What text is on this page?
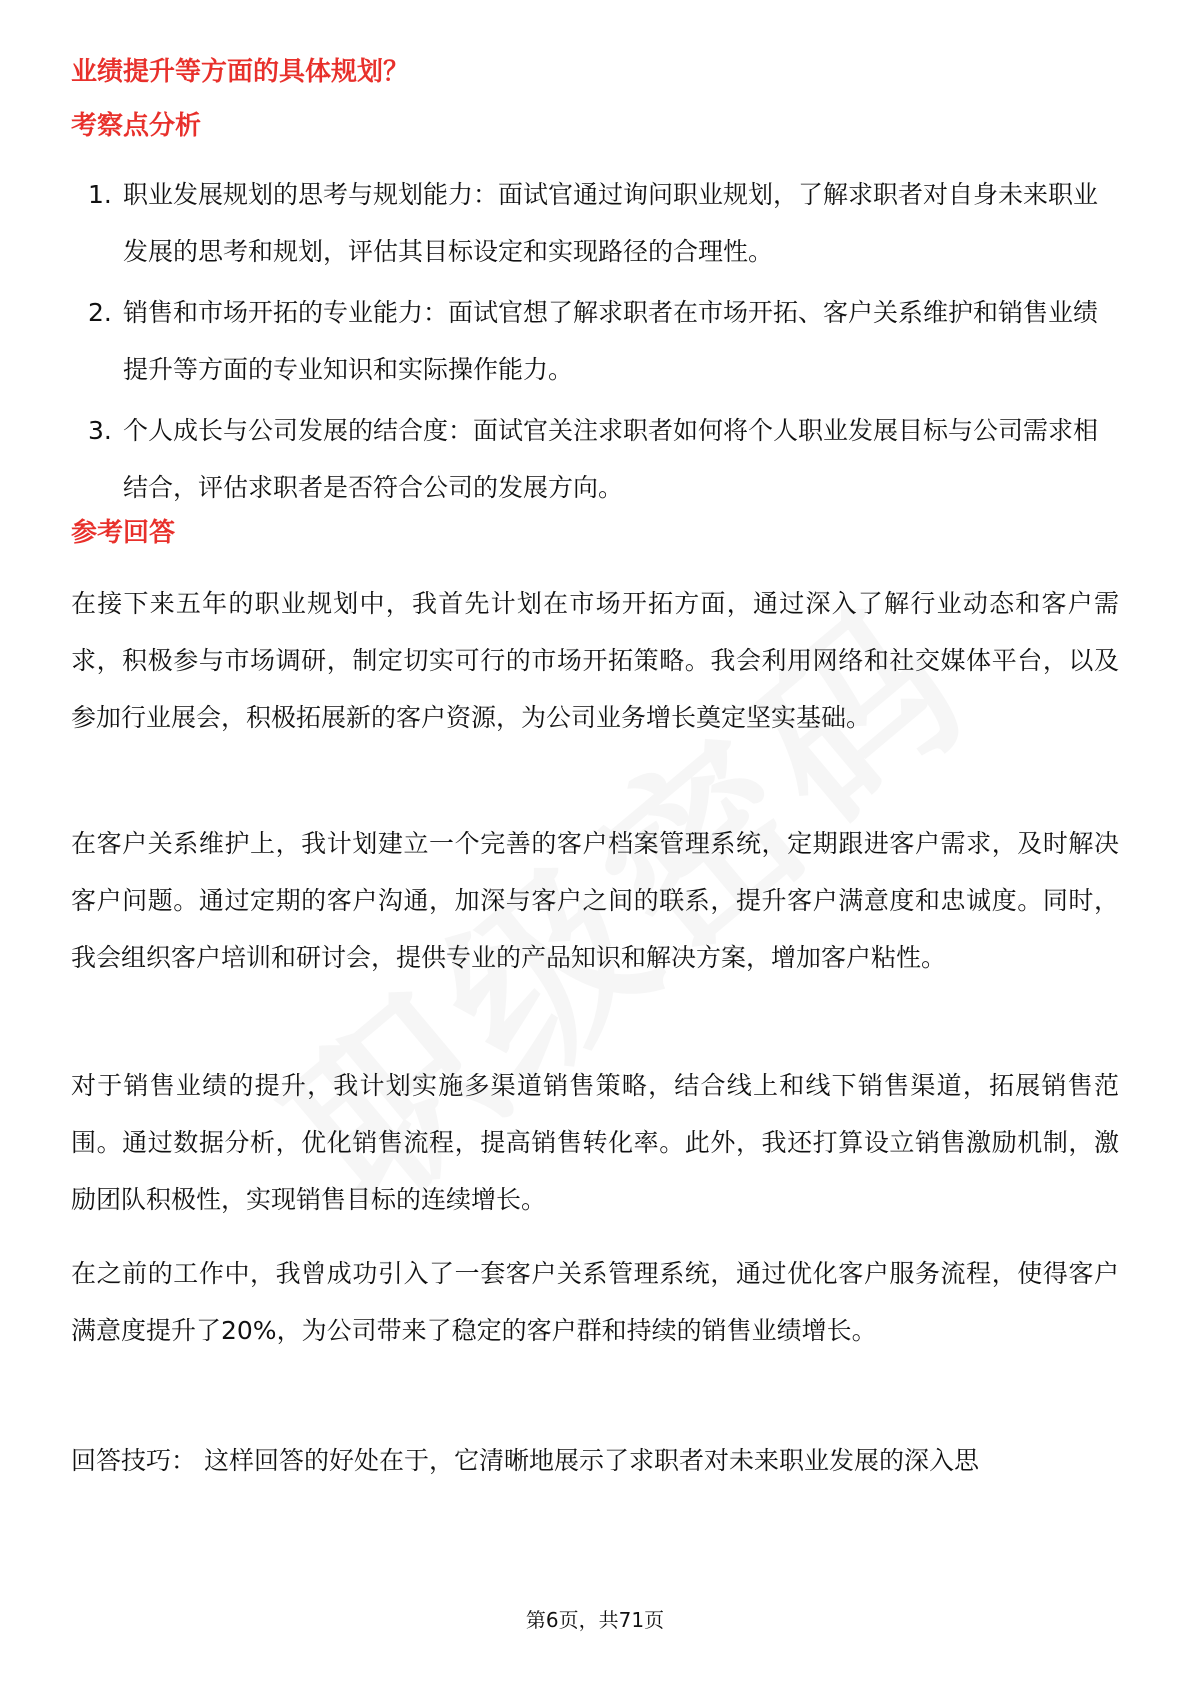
业绩提升等方面的具体规划？
考察点分析
1. 职业发展规划的思考与规划能力：面试官通过询问职业规划，了解求职者对自身未来职业发展的思考和规划，评估其目标设定和实现路径的合理性。
2. 销售和市场开拓的专业能力：面试官想了解求职者在市场开拓、客户关系维护和销售业绩提升等方面的专业知识和实际操作能力。
3. 个人成长与公司发展的结合度：面试官关注求职者如何将个人职业发展目标与公司需求相结合，评估求职者是否符合公司的发展方向。
参考回答

在接下来五年的职业规划中，我首先计划在市场开拓方面，通过深入了解行业动态和客户需求，积极参与市场调研，制定切实可行的市场开拓策略。我会利用网络和社交媒体平台，以及参加行业展会，积极拓展新的客户资源，为公司业务增长奠定坚实基础。

在客户关系维护上，我计划建立一个完善的客户档案管理系统，定期跟进客户需求，及时解决客户问题。通过定期的客户沟通，加深与客户之间的联系，提升客户满意度和忠诚度。同时，我会组织客户培训和研讨会，提供专业的产品知识和解决方案，增加客户粘性。

对于销售业绩的提升，我计划实施多渠道销售策略，结合线上和线下销售渠道，拓展销售范围。通过数据分析，优化销售流程，提高销售转化率。此外，我还打算设立销售激励机制，激励团队积极性，实现销售目标的连续增长。

在之前的工作中，我曾成功引入了一套客户关系管理系统，通过优化客户服务流程，使得客户满意度提升了20%，为公司带来了稳定的客户群和持续的销售业绩增长。

回答技巧： 这样回答的好处在于，它清晰地展示了求职者对未来职业发展的深入思

第6页，共71页
